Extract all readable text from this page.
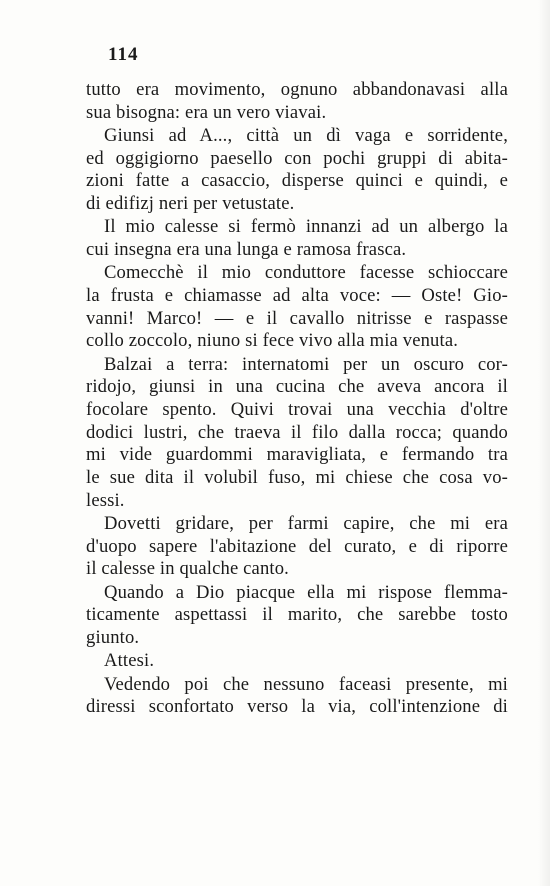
114
tutto era movimento, ognuno abbandonavasi alla
sua bisogna: era un vero viavai.
Giunsi ad A..., città un dì vaga e sorridente,
ed oggigiorno paesello con pochi gruppi di abita-
zioni fatte a casaccio, disperse quinci e quindi, e
di edifizj neri per vetustate.
Il mio calesse si fermò innanzi ad un albergo la
cui insegna era una lunga e ramosa frasca.
Comecchè il mio conduttore facesse schioccare
la frusta e chiamasse ad alta voce: — Oste! Gio-
vanni! Marco! — e il cavallo nitrisse e raspasse
collo zoccolo, niuno si fece vivo alla mia venuta.
Balzai a terra: internatomi per un oscuro cor-
ridojo, giunsi in una cucina che aveva ancora il
focolare spento. Quivi trovai una vecchia d'oltre
dodici lustri, che traeva il filo dalla rocca; quando
mi vide guardommi maravigliata, e fermando tra
le sue dita il volubil fuso, mi chiese che cosa vo-
lessi.
Dovetti gridare, per farmi capire, che mi era
d'uopo sapere l'abitazione del curato, e di riporre
il calesse in qualche canto.
Quando a Dio piacque ella mi rispose flemma-
ticamente aspettassi il marito, che sarebbe tosto
giunto.
Attesi.
Vedendo poi che nessuno faceasi presente, mi
diressi sconfortato verso la via, coll'intenzione di
